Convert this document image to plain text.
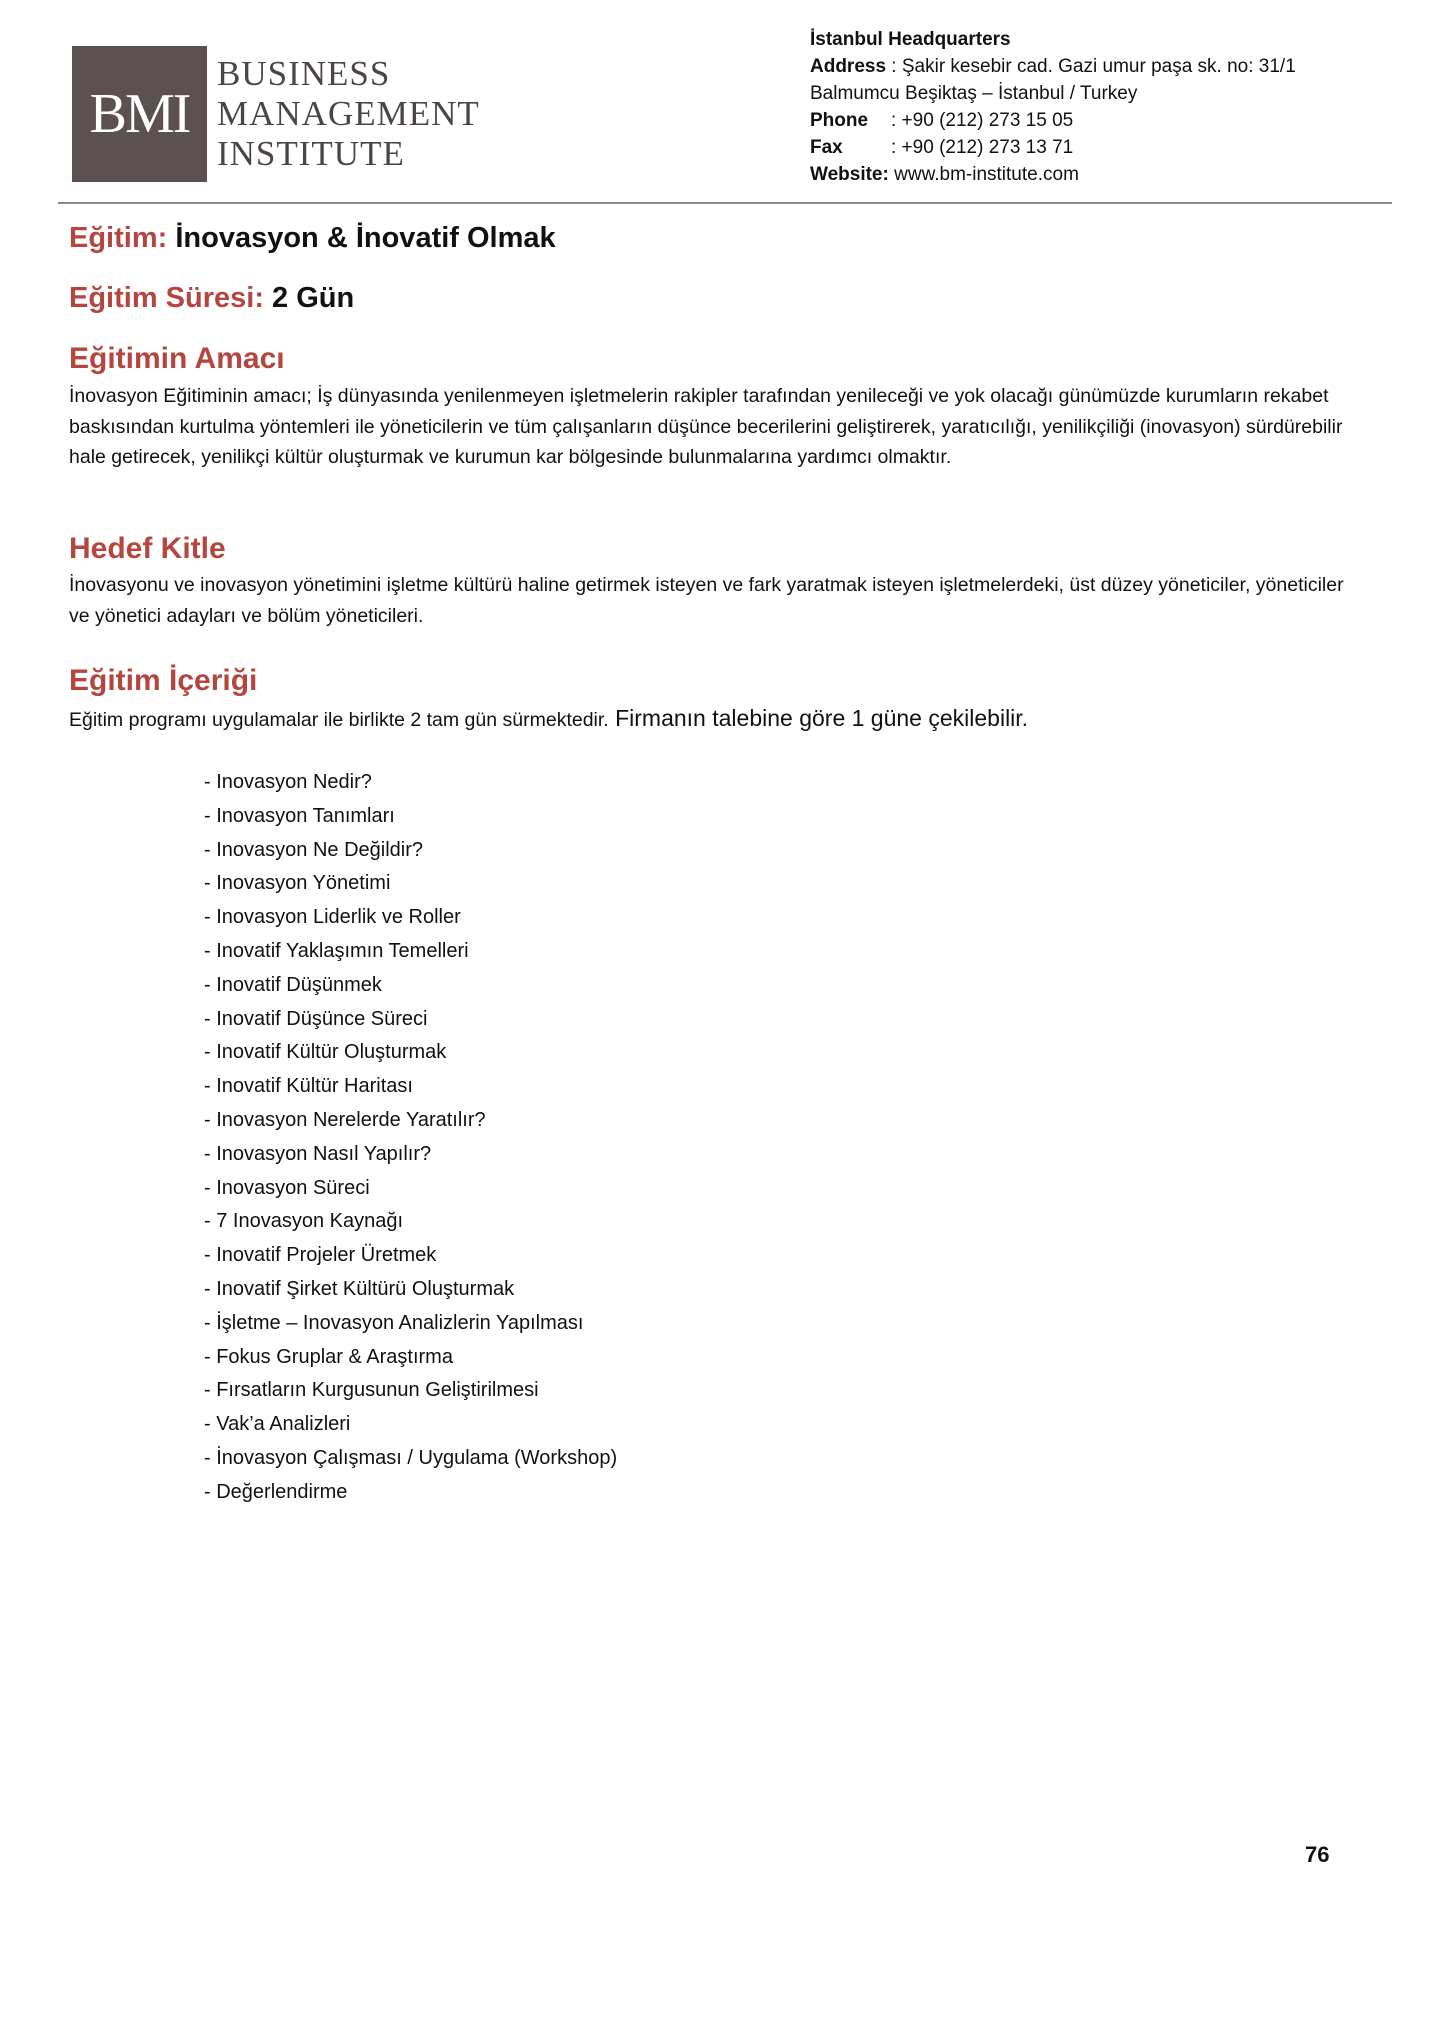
BMI
BUSINESS
MANAGEMENT
INSTITUTE
İstanbul Headquarters
Address : Şakir kesebir cad. Gazi umur paşa sk. no: 31/1
Balmumcu Beşiktaş – İstanbul / Turkey
Phone : +90 (212) 273 15 05
Fax	: +90 (212) 273 13 71
Website: www.bm-institute.com
Eğitim: İnovasyon & İnovatif Olmak
Eğitim Süresi: 2 Gün
Eğitimin Amacı
İnovasyon Eğitiminin amacı; İş dünyasında yenilenmeyen işletmelerin rakipler tarafından yenileceği ve yok olacağı günümüzde kurumların rekabet baskısından kurtulma yöntemleri ile yöneticilerin ve tüm çalışanların düşünce becerilerini geliştirerek, yaratıcılığı, yenilikçiliği (inovasyon) sürdürebilir hale getirecek, yenilikçi kültür oluşturmak ve kurumun kar bölgesinde bulunmalarına yardımcı olmaktır.
Hedef Kitle
İnovasyonu ve inovasyon yönetimini işletme kültürü haline getirmek isteyen ve fark yaratmak isteyen işletmelerdeki, üst düzey yöneticiler, yöneticiler ve yönetici adayları ve bölüm yöneticileri.
Eğitim İçeriği
Eğitim programı uygulamalar ile birlikte 2 tam gün sürmektedir. Firmanın talebine göre 1 güne çekilebilir.
- Inovasyon Nedir?
- Inovasyon Tanımları
- Inovasyon Ne Değildir?
- Inovasyon Yönetimi
- Inovasyon Liderlik ve Roller
- Inovatif Yaklaşımın Temelleri
- Inovatif Düşünmek
- Inovatif Düşünce Süreci
- Inovatif Kültür Oluşturmak
- Inovatif Kültür Haritası
- Inovasyon Nerelerde Yaratılır?
- Inovasyon Nasıl Yapılır?
- Inovasyon Süreci
- 7 Inovasyon Kaynağı
- Inovatif Projeler Üretmek
- Inovatif Şirket Kültürü Oluşturmak
- İşletme – Inovasyon Analizlerin Yapılması
- Fokus Gruplar & Araştırma
- Fırsatların Kurgusunun Geliştirilmesi
- Vak’a Analizleri
- İnovasyon Çalışması / Uygulama (Workshop)
- Değerlendirme
76
